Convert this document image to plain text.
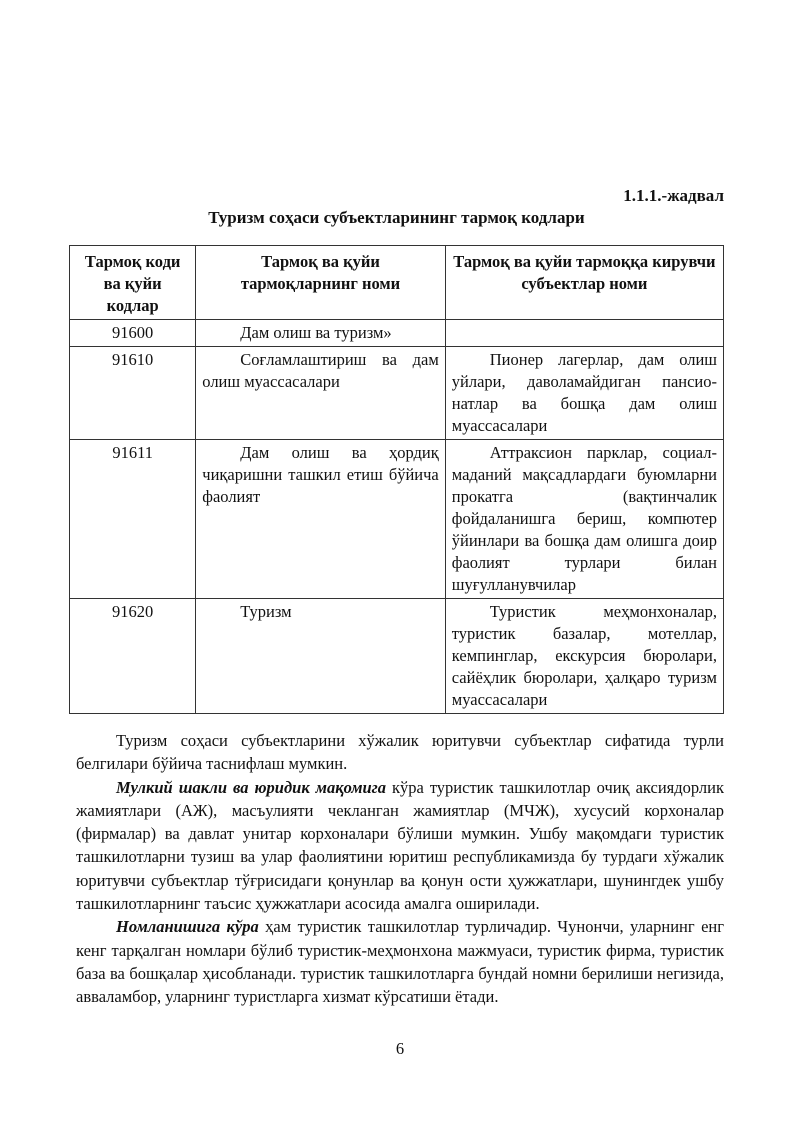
1.1.1.-жадвал
Туризм соҳаси субъектларининг тармоқ кодлари
Тармоқ коди ва қуйи кодлар	Тармоқ ва қуйи тармоқларнинг номи	Тармоқ ва қуйи тармоққа кирувчи субъектлар номи
91600	Дам олиш ва туризм»	
91610	Соғламлаштириш ва дам олиш муассасалари	Пионер лагерлар, дам олиш уйлари, даволамайдиган пансио-натлар ва бошқа дам олиш муассасалари
91611	Дам олиш ва ҳордиқ чиқаришни ташкил етиш бўйича фаолият	Аттраксион парклар, социал-маданий мақсадлардаги буюмларни прокатга (вақтинчалик фойдаланишга бериш, компютер ўйинлари ва бошқа дам олишга доир фаолият турлари билан шуғулланувчилар
91620	Туризм	Туристик меҳмонхоналар, туристик базалар, мотеллар, кемпинглар, екскурсия бюролари, сайёҳлик бюролари, ҳалқаро туризм муассасалари

Туризм соҳаси субъектларини хўжалик юритувчи субъектлар сифатида турли белгилари бўйича таснифлаш мумкин.

Мулкий шакли ва юридик мақомига кўра туристик ташкилотлар очиқ аксиядорлик жамиятлари (АЖ), масъулияти чекланган жамиятлар (МЧЖ), хусусий корхоналар (фирмалар) ва давлат унитар корхоналари бўлиши мумкин. Ушбу мақомдаги туристик ташкилотларни тузиш ва улар фаолиятини юритиш республикамизда бу турдаги хўжалик юритувчи субъектлар тўғрисидаги қонунлар ва қонун ости ҳужжатлари, шунингдек ушбу ташкилотларнинг таъсис ҳужжатлари асосида амалга оширилади.

Номланишига кўра ҳам туристик ташкилотлар турличадир. Чунончи, уларнинг енг кенг тарқалган номлари бўлиб туристик-меҳмонхона мажмуаси, туристик фирма, туристик база ва бошқалар ҳисобланади. туристик ташкилотларга бундай номни берилиши негизида, авваламбор, уларнинг туристларга хизмат кўрсатиши ётади.

6
